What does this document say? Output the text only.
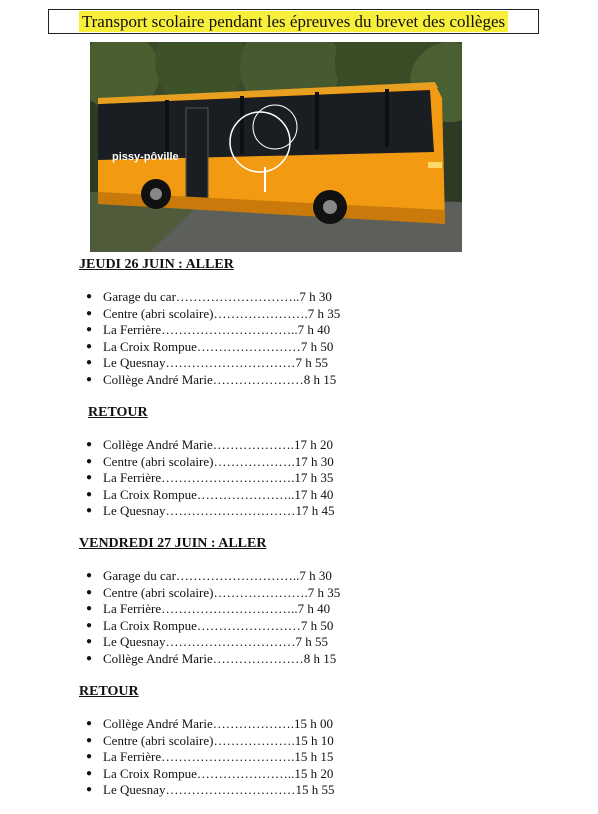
Transport scolaire pendant les épreuves du brevet des collèges
pissy-pôville
JEUDI 26 JUIN : ALLER
● Garage du car………………………..7 h 30
● Centre (abri scolaire)………………….7 h 35
● La Ferrière…………………………..7 h 40
● La Croix Rompue……………………7 h 50
● Le Quesnay…………………………7 h 55
● Collège André Marie…………………8 h 15
RETOUR
● Collège André Marie……………….17 h 20
● Centre (abri scolaire)……………….17 h 30
● La Ferrière………………………….17 h 35
● La Croix Rompue…………………..17 h 40
● Le Quesnay…………………………17 h 45
VENDREDI 27 JUIN : ALLER
● Garage du car………………………..7 h 30
● Centre (abri scolaire)………………….7 h 35
● La Ferrière…………………………..7 h 40
● La Croix Rompue……………………7 h 50
● Le Quesnay…………………………7 h 55
● Collège André Marie…………………8 h 15
RETOUR
● Collège André Marie……………….15 h 00
● Centre (abri scolaire)……………….15 h 10
● La Ferrière………………………….15 h 15
● La Croix Rompue…………………..15 h 20
● Le Quesnay…………………………15 h 55
